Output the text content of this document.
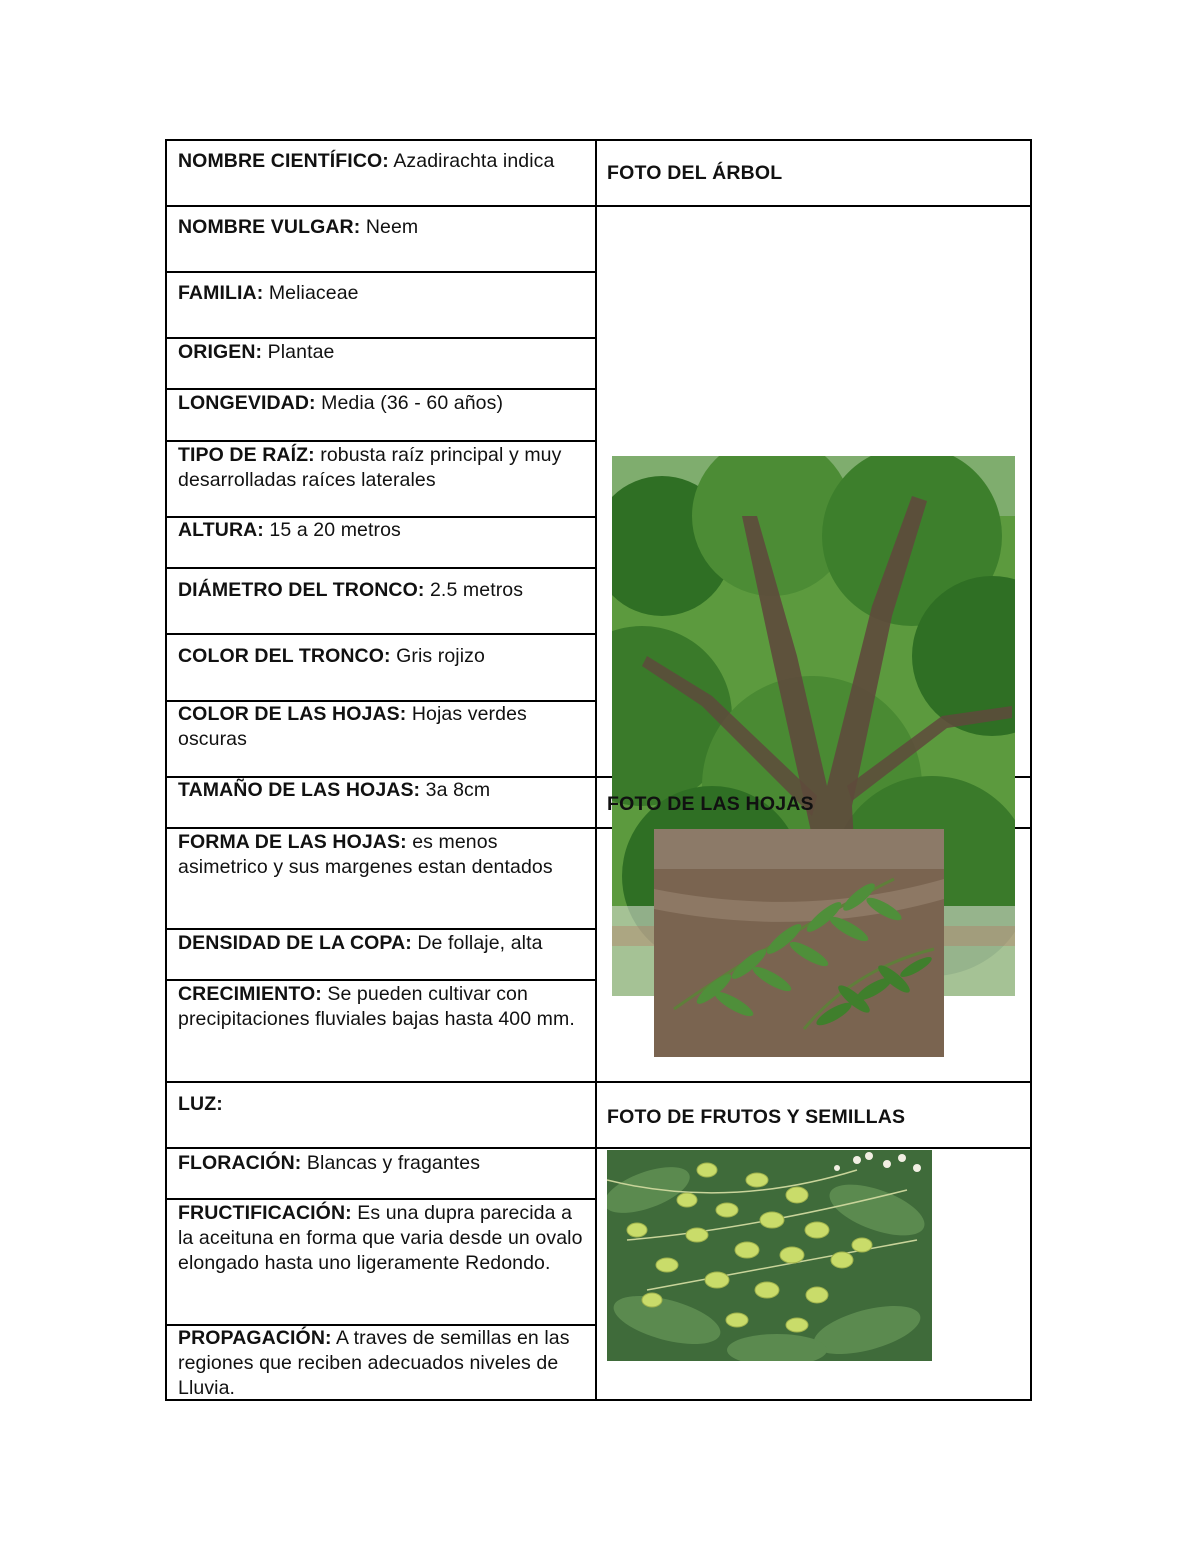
NOMBRE CIENTÍFICO: Azadirachta indica
NOMBRE VULGAR: Neem
FAMILIA: Meliaceae
ORIGEN: Plantae
LONGEVIDAD: Media (36 - 60 años)
TIPO DE RAÍZ: robusta raíz principal y muy desarrolladas raíces laterales
ALTURA: 15 a 20 metros
DIÁMETRO DEL TRONCO: 2.5 metros
COLOR DEL TRONCO: Gris rojizo
COLOR DE LAS HOJAS: Hojas verdes oscuras
TAMAÑO DE LAS HOJAS: 3a 8cm
FORMA DE LAS HOJAS: es menos asimetrico y sus margenes estan dentados
DENSIDAD DE LA COPA: De follaje, alta
CRECIMIENTO: Se pueden cultivar con precipitaciones fluviales bajas hasta 400 mm.
LUZ:
FLORACIÓN: Blancas y fragantes
FRUCTIFICACIÓN: Es una dupra parecida a la aceituna en forma que varia desde un ovalo elongado hasta uno ligeramente Redondo.
PROPAGACIÓN: A traves de semillas en las regiones que reciben adecuados niveles de Lluvia.
FOTO DEL ÁRBOL
FOTO DE LAS HOJAS
FOTO DE FRUTOS Y SEMILLAS
